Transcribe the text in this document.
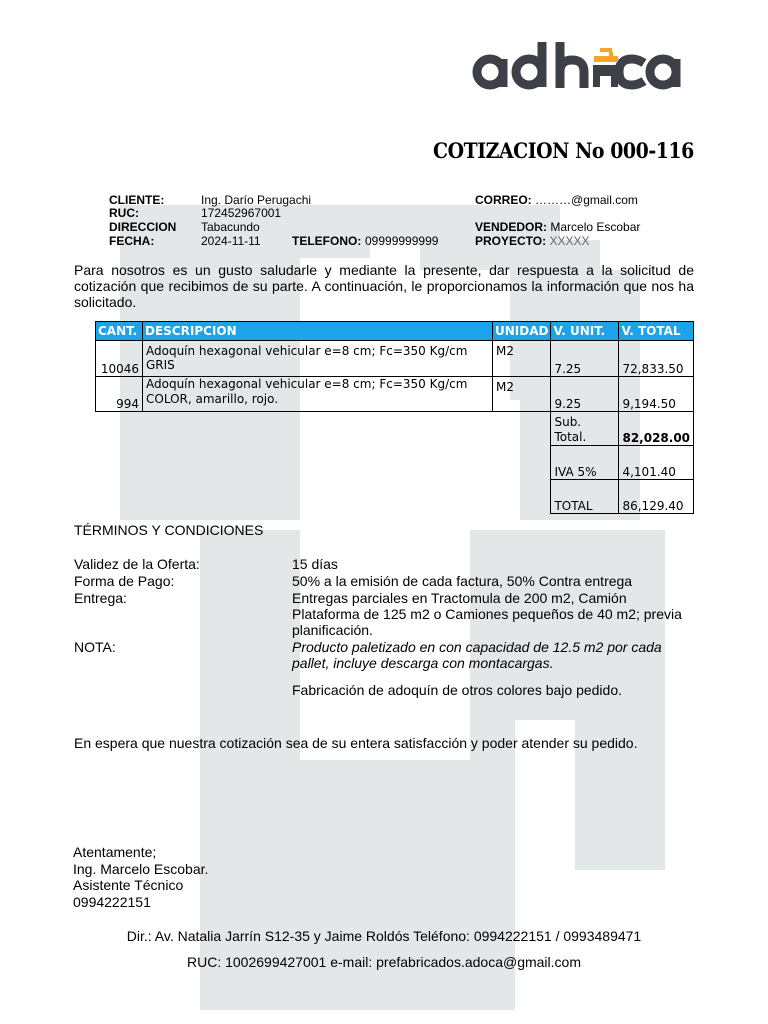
COTIZACION No 000-116
CLIENTE:	Ing. Darío Perugachi
RUC:	172452967001
DIRECCION Tabacundo
FECHA:	2024-11-11	TELEFONO: 09999999999
CORREO: ………@gmail.com
VENDEDOR: Marcelo Escobar
PROYECTO: XXXXX
Para nosotros es un gusto saludarle y mediante la presente, dar respuesta a la solicitud de cotización que recibimos de su parte. A continuación, le proporcionamos la información que nos ha solicitado.
CANT.	DESCRIPCION	UNIDAD	V. UNIT.	V. TOTAL
10046	Adoquín hexagonal vehicular e=8 cm; Fc=350 Kg/cm GRIS	M2	7.25	72,833.50
994	Adoquín hexagonal vehicular e=8 cm; Fc=350 Kg/cm COLOR, amarillo, rojo.	M2	9.25	9,194.50
			Sub. Total.	82,028.00
			IVA 5%	4,101.40
			TOTAL	86,129.40
TÉRMINOS Y CONDICIONES
Validez de la Oferta:	15 días
Forma de Pago:	50% a la emisión de cada factura, 50% Contra entrega
Entrega:	Entregas parciales en Tractomula de 200 m2, Camión Plataforma de 125 m2 o Camiones pequeños de 40 m2; previa planificación.
NOTA:	Producto paletizado en con capacidad de 12.5 m2 por cada pallet, incluye descarga con montacargas.
Fabricación de adoquín de otros colores bajo pedido.
En espera que nuestra cotización sea de su entera satisfacción y poder atender su pedido.
Atentamente;
Ing. Marcelo Escobar.
Asistente Técnico
0994222151
Dir.: Av. Natalia Jarrín S12-35 y Jaime Roldós Teléfono: 0994222151 / 0993489471
RUC: 1002699427001 e-mail: prefabricados.adoca@gmail.com
